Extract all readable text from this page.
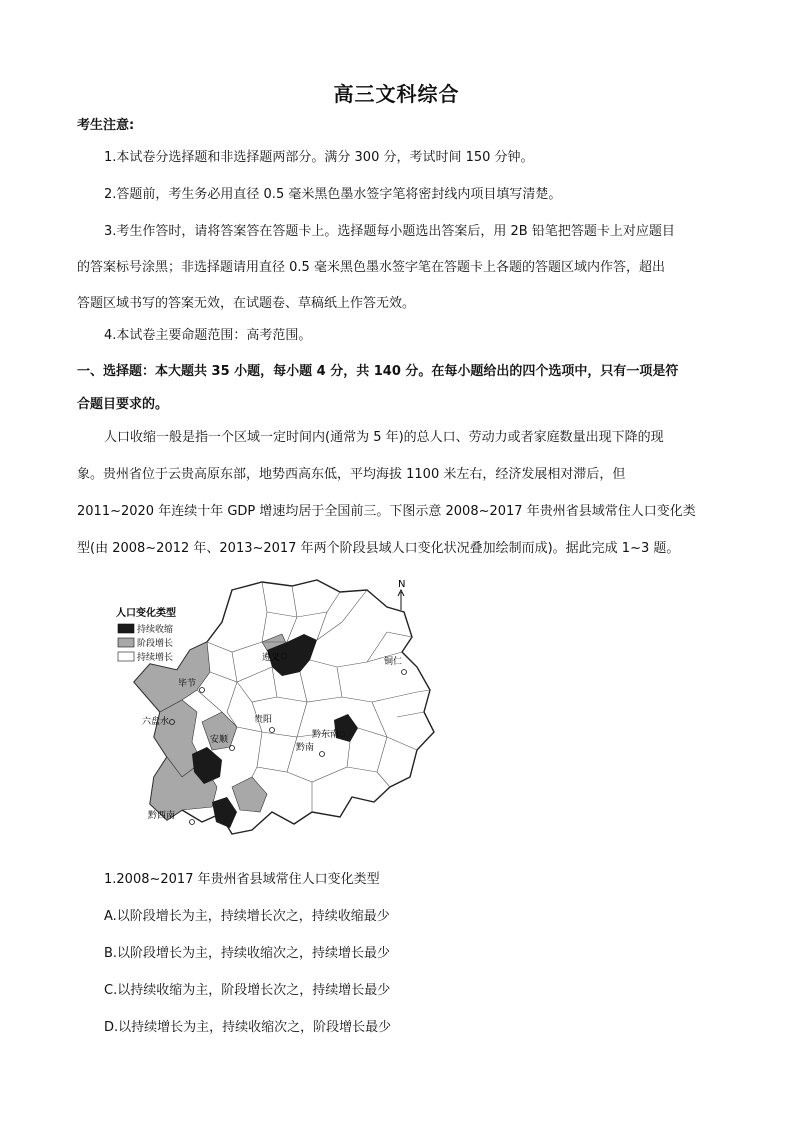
高三文科综合
考生注意:
1.本试卷分选择题和非选择题两部分。满分 300 分，考试时间 150 分钟。
2.答题前，考生务必用直径 0.5 毫米黑色墨水签字笔将密封线内项目填写清楚。
3.考生作答时，请将答案答在答题卡上。选择题每小题选出答案后，用 2B 铅笔把答题卡上对应题目
的答案标号涂黑；非选择题请用直径 0.5 毫米黑色墨水签字笔在答题卡上各题的答题区域内作答，超出
答题区域书写的答案无效，在试题卷、草稿纸上作答无效。
4.本试卷主要命题范围：高考范围。
一、选择题：本大题共 35 小题，每小题 4 分，共 140 分。在每小题给出的四个选项中，只有一项是符
合题目要求的。
人口收缩一般是指一个区域一定时间内(通常为 5 年)的总人口、劳动力或者家庭数量出现下降的现
象。贵州省位于云贵高原东部，地势西高东低，平均海拔 1100 米左右，经济发展相对滞后，但
2011~2020 年连续十年 GDP 增速均居于全国前三。下图示意 2008~2017 年贵州省县域常住人口变化类
型(由 2008~2012 年、2013~2017 年两个阶段县域人口变化状况叠加绘制而成)。据此完成 1~3 题。
N
人口变化类型
持续收缩
阶段增长
持续增长	遵义	铜仁
毕节
六盘水	贵阳
安顺	黔东南
黔南
黔西南
1.2008~2017 年贵州省县域常住人口变化类型
A.以阶段增长为主，持续增长次之，持续收缩最少
B.以阶段增长为主，持续收缩次之，持续增长最少
C.以持续收缩为主，阶段增长次之，持续增长最少
D.以持续增长为主，持续收缩次之，阶段增长最少
